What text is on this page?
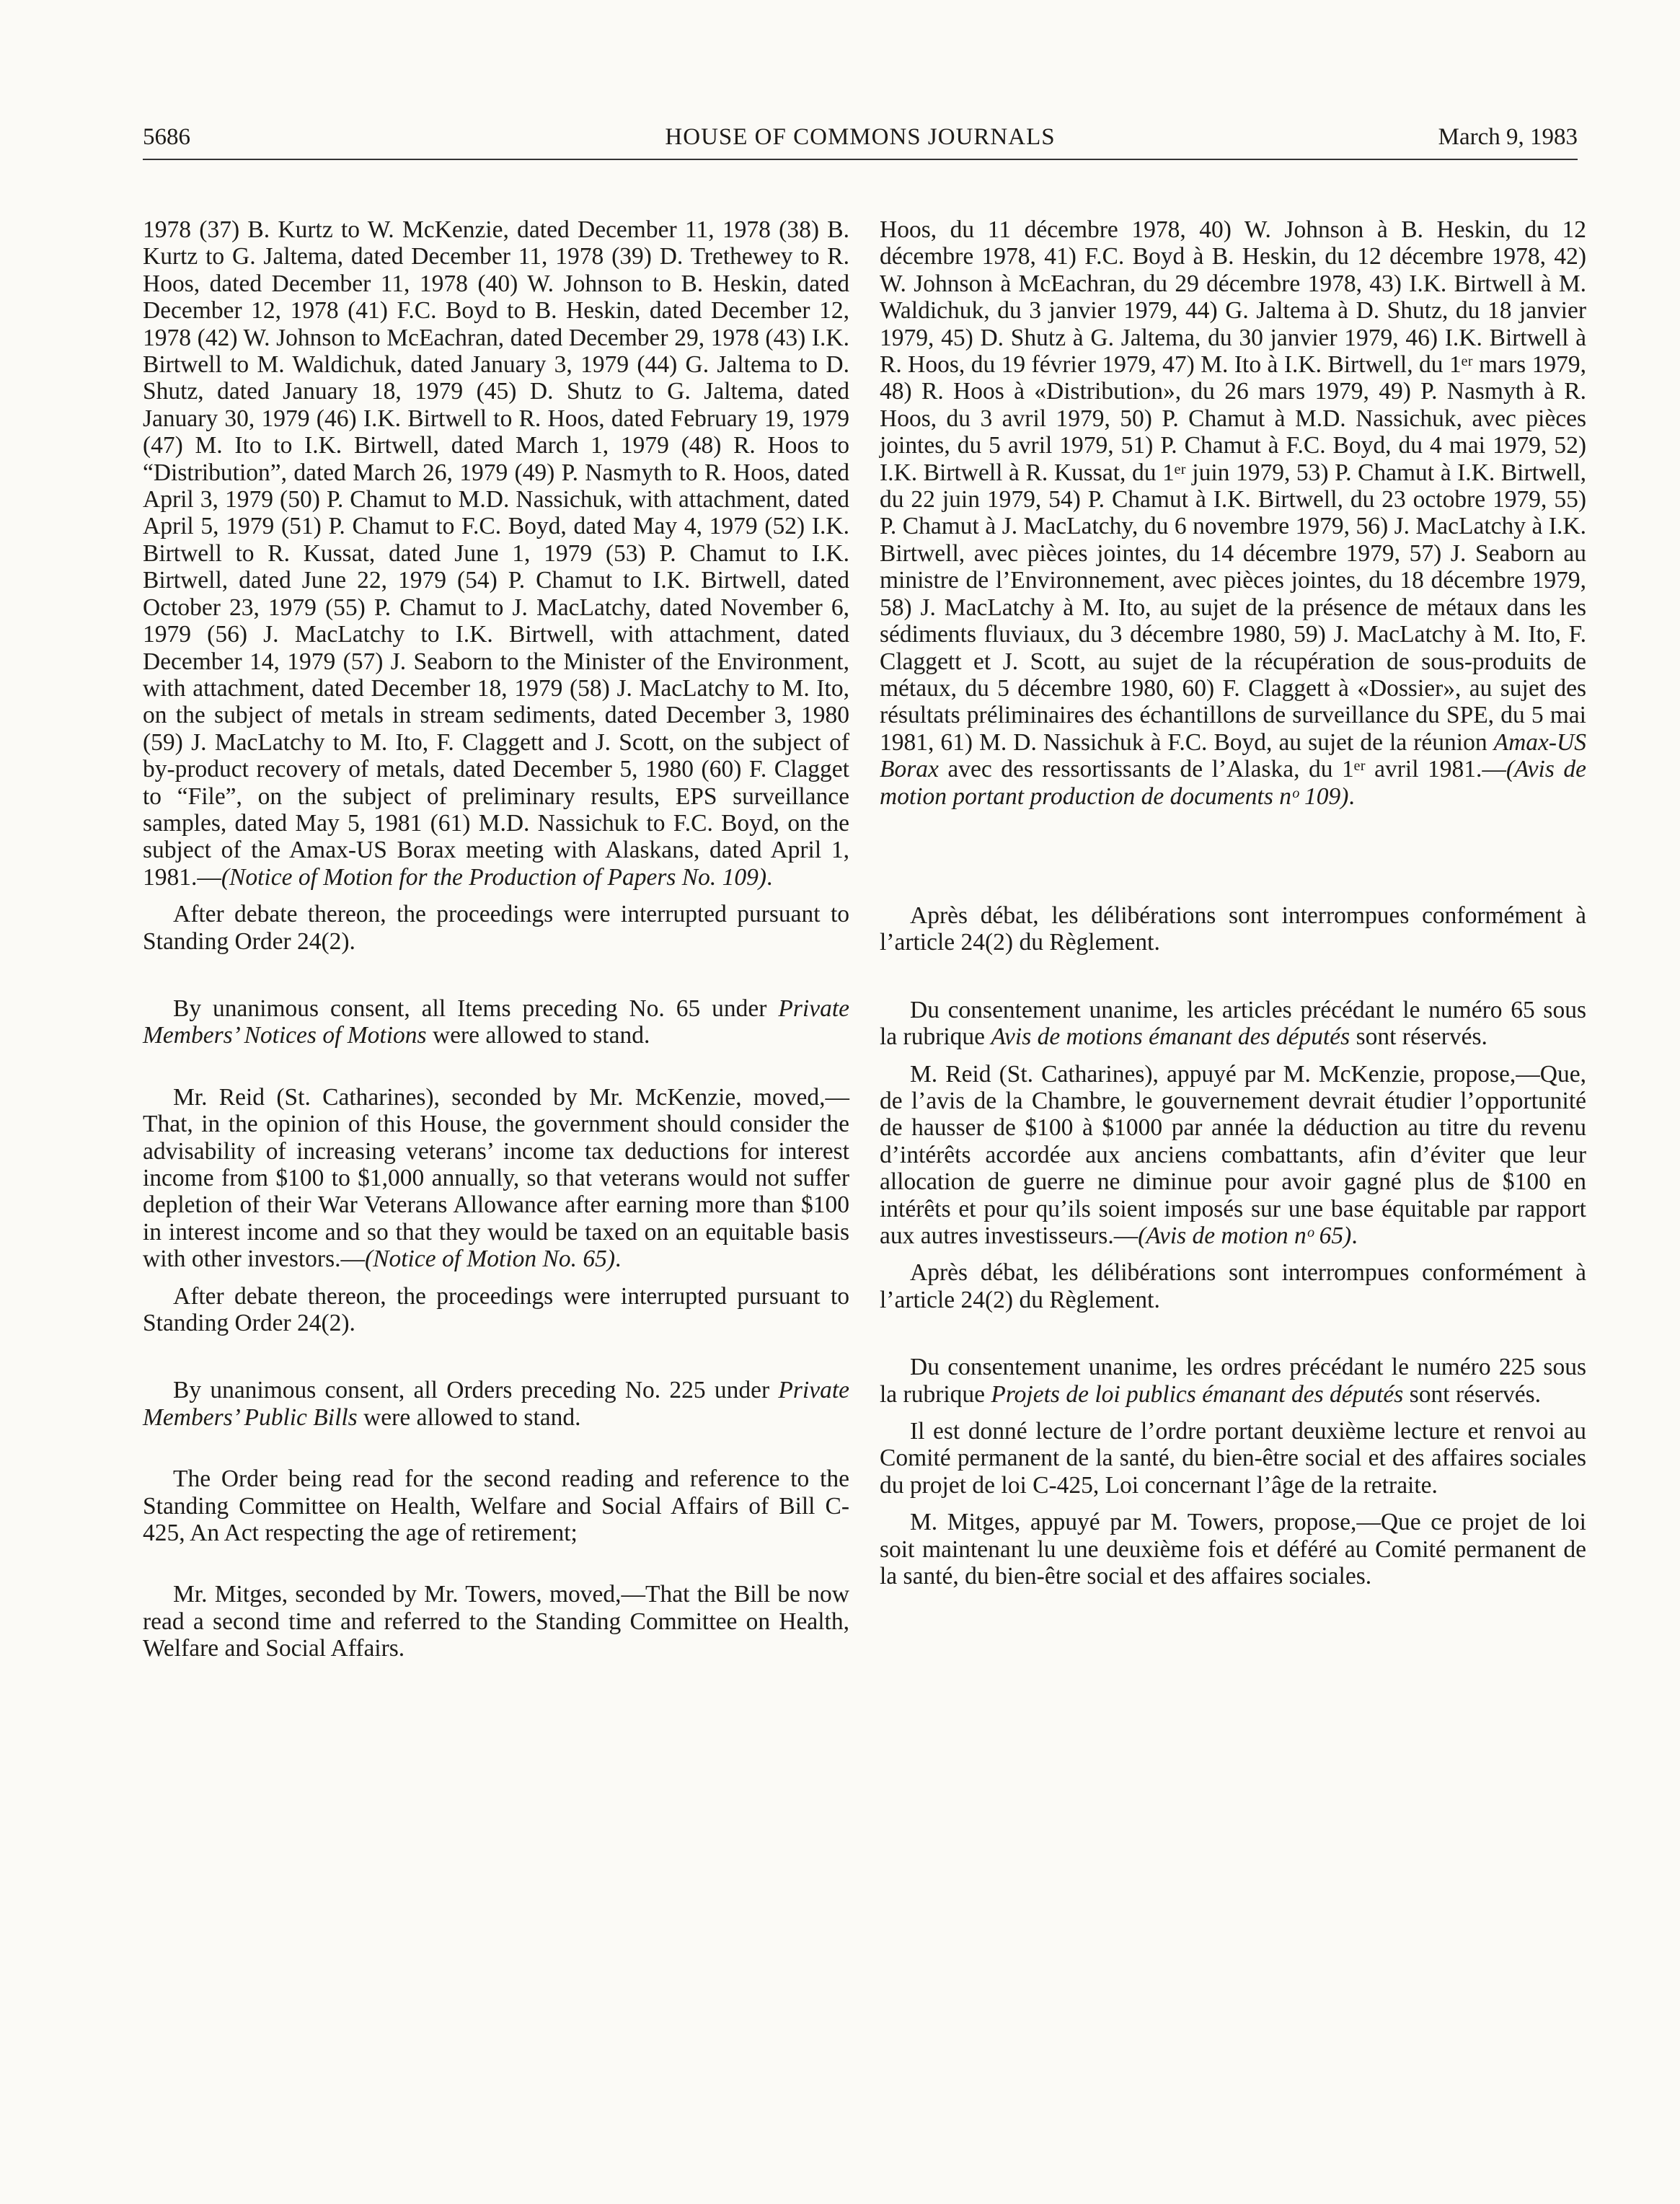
5686	HOUSE OF COMMONS JOURNALS	March 9, 1983

1978 (37) B. Kurtz to W. McKenzie, dated December 11, 1978 (38) B. Kurtz to G. Jaltema, dated December 11, 1978 (39) D. Trethewey to R. Hoos, dated December 11, 1978 (40) W. Johnson to B. Heskin, dated December 12, 1978 (41) F.C. Boyd to B. Heskin, dated December 12, 1978 (42) W. Johnson to McEachran, dated December 29, 1978 (43) I.K. Birtwell to M. Waldichuk, dated January 3, 1979 (44) G. Jaltema to D. Shutz, dated January 18, 1979 (45) D. Shutz to G. Jaltema, dated January 30, 1979 (46) I.K. Birtwell to R. Hoos, dated February 19, 1979 (47) M. Ito to I.K. Birtwell, dated March 1, 1979 (48) R. Hoos to “Distribution”, dated March 26, 1979 (49) P. Nasmyth to R. Hoos, dated April 3, 1979 (50) P. Chamut to M.D. Nassichuk, with attachment, dated April 5, 1979 (51) P. Chamut to F.C. Boyd, dated May 4, 1979 (52) I.K. Birtwell to R. Kussat, dated June 1, 1979 (53) P. Chamut to I.K. Birtwell, dated June 22, 1979 (54) P. Chamut to I.K. Birtwell, dated October 23, 1979 (55) P. Chamut to J. MacLatchy, dated November 6, 1979 (56) J. MacLatchy to I.K. Birtwell, with attachment, dated December 14, 1979 (57) J. Seaborn to the Minister of the Environment, with attachment, dated December 18, 1979 (58) J. MacLatchy to M. Ito, on the subject of metals in stream sediments, dated December 3, 1980 (59) J. MacLatchy to M. Ito, F. Claggett and J. Scott, on the subject of by-product recovery of metals, dated December 5, 1980 (60) F. Clagget to “File”, on the subject of preliminary results, EPS surveillance samples, dated May 5, 1981 (61) M.D. Nassichuk to F.C. Boyd, on the subject of the Amax-US Borax meeting with Alaskans, dated April 1, 1981.—(Notice of Motion for the Production of Papers No. 109).

After debate thereon, the proceedings were interrupted pursuant to Standing Order 24(2).

By unanimous consent, all Items preceding No. 65 under Private Members’ Notices of Motions were allowed to stand.

Mr. Reid (St. Catharines), seconded by Mr. McKenzie, moved,—That, in the opinion of this House, the government should consider the advisability of increasing veterans’ income tax deductions for interest income from $100 to $1,000 annually, so that veterans would not suffer depletion of their War Veterans Allowance after earning more than $100 in interest income and so that they would be taxed on an equitable basis with other investors.—(Notice of Motion No. 65).

After debate thereon, the proceedings were interrupted pursuant to Standing Order 24(2).

By unanimous consent, all Orders preceding No. 225 under Private Members’ Public Bills were allowed to stand.

The Order being read for the second reading and reference to the Standing Committee on Health, Welfare and Social Affairs of Bill C-425, An Act respecting the age of retirement;

Mr. Mitges, seconded by Mr. Towers, moved,—That the Bill be now read a second time and referred to the Standing Committee on Health, Welfare and Social Affairs.

Hoos, du 11 décembre 1978, 40) W. Johnson à B. Heskin, du 12 décembre 1978, 41) F.C. Boyd à B. Heskin, du 12 décembre 1978, 42) W. Johnson à McEachran, du 29 décembre 1978, 43) I.K. Birtwell à M. Waldichuk, du 3 janvier 1979, 44) G. Jaltema à D. Shutz, du 18 janvier 1979, 45) D. Shutz à G. Jaltema, du 30 janvier 1979, 46) I.K. Birtwell à R. Hoos, du 19 février 1979, 47) M. Ito à I.K. Birtwell, du 1ᵉʳ mars 1979, 48) R. Hoos à «Distribution», du 26 mars 1979, 49) P. Nasmyth à R. Hoos, du 3 avril 1979, 50) P. Chamut à M.D. Nassichuk, avec pièces jointes, du 5 avril 1979, 51) P. Chamut à F.C. Boyd, du 4 mai 1979, 52) I.K. Birtwell à R. Kussat, du 1ᵉʳ juin 1979, 53) P. Chamut à I.K. Birtwell, du 22 juin 1979, 54) P. Chamut à I.K. Birtwell, du 23 octobre 1979, 55) P. Chamut à J. MacLatchy, du 6 novembre 1979, 56) J. MacLatchy à I.K. Birtwell, avec pièces jointes, du 14 décembre 1979, 57) J. Seaborn au ministre de l’Environnement, avec pièces jointes, du 18 décembre 1979, 58) J. MacLatchy à M. Ito, au sujet de la présence de métaux dans les sédiments fluviaux, du 3 décembre 1980, 59) J. MacLatchy à M. Ito, F. Claggett et J. Scott, au sujet de la récupération de sous-produits de métaux, du 5 décembre 1980, 60) F. Claggett à «Dossier», au sujet des résultats préliminaires des échantillons de surveillance du SPE, du 5 mai 1981, 61) M. D. Nassichuk à F.C. Boyd, au sujet de la réunion Amax-US Borax avec des ressortissants de l’Alaska, du 1ᵉʳ avril 1981.—(Avis de motion portant production de documents nᵒ 109).

Après débat, les délibérations sont interrompues conformément à l’article 24(2) du Règlement.

Du consentement unanime, les articles précédant le numéro 65 sous la rubrique Avis de motions émanant des députés sont réservés.

M. Reid (St. Catharines), appuyé par M. McKenzie, propose,—Que, de l’avis de la Chambre, le gouvernement devrait étudier l’opportunité de hausser de $100 à $1000 par année la déduction au titre du revenu d’intérêts accordée aux anciens combattants, afin d’éviter que leur allocation de guerre ne diminue pour avoir gagné plus de $100 en intérêts et pour qu’ils soient imposés sur une base équitable par rapport aux autres investisseurs.—(Avis de motion nᵒ 65).

Après débat, les délibérations sont interrompues conformément à l’article 24(2) du Règlement.

Du consentement unanime, les ordres précédant le numéro 225 sous la rubrique Projets de loi publics émanant des députés sont réservés.

Il est donné lecture de l’ordre portant deuxième lecture et renvoi au Comité permanent de la santé, du bien-être social et des affaires sociales du projet de loi C-425, Loi concernant l’âge de la retraite.

M. Mitges, appuyé par M. Towers, propose,—Que ce projet de loi soit maintenant lu une deuxième fois et déféré au Comité permanent de la santé, du bien-être social et des affaires sociales.
